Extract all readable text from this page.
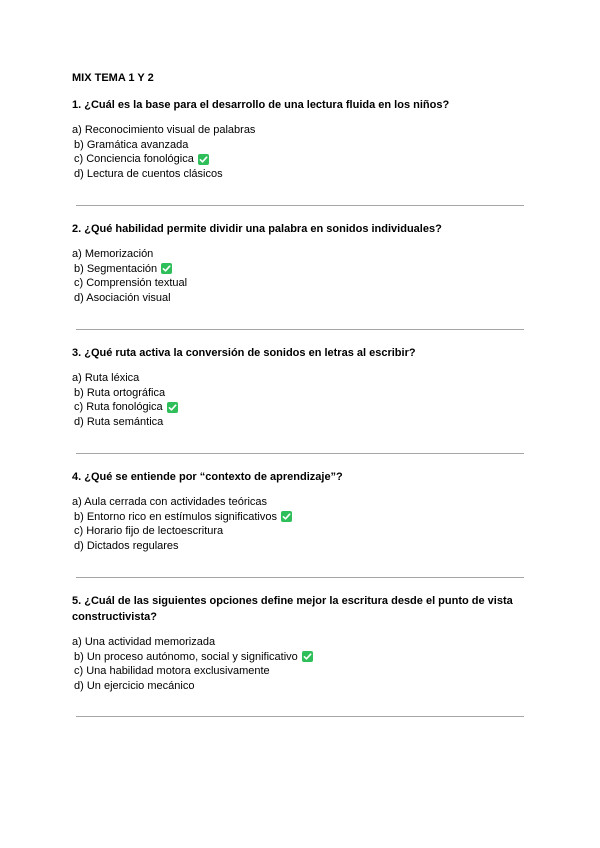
MIX TEMA 1 Y 2

1. ¿Cuál es la base para el desarrollo de una lectura fluida en los niños?

a) Reconocimiento visual de palabras
b) Gramática avanzada
c) Conciencia fonológica
d) Lectura de cuentos clásicos

2. ¿Qué habilidad permite dividir una palabra en sonidos individuales?

a) Memorización
b) Segmentación
c) Comprensión textual
d) Asociación visual

3. ¿Qué ruta activa la conversión de sonidos en letras al escribir?

a) Ruta léxica
b) Ruta ortográfica
c) Ruta fonológica
d) Ruta semántica

4. ¿Qué se entiende por “contexto de aprendizaje”?

a) Aula cerrada con actividades teóricas
b) Entorno rico en estímulos significativos
c) Horario fijo de lectoescritura
d) Dictados regulares

5. ¿Cuál de las siguientes opciones define mejor la escritura desde el punto de vista constructivista?

a) Una actividad memorizada
b) Un proceso autónomo, social y significativo
c) Una habilidad motora exclusivamente
d) Un ejercicio mecánico
